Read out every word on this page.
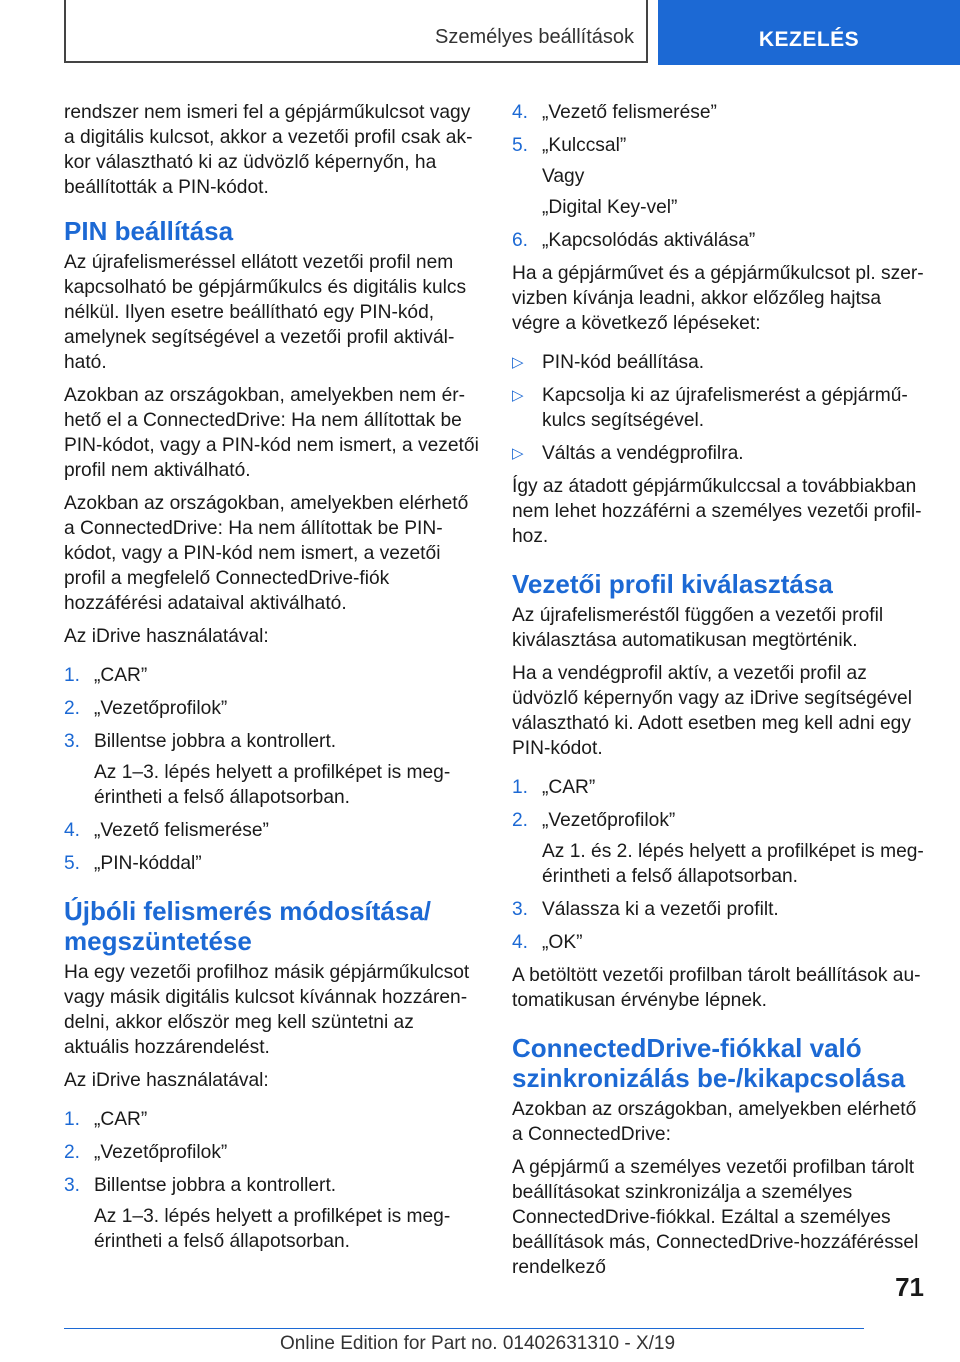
Személyes beállítások	KEZELÉS

rendszer nem ismeri fel a gépjárműkulcsot vagy a digitális kulcsot, akkor a vezetői profil csak akkor választható ki az üdvözlő képernyőn, ha beállították a PIN-kódot.

PIN beállítása

Az újrafelismeréssel ellátott vezetői profil nem kapcsolható be gépjárműkulcs és digitális kulcs nélkül. Ilyen esetre beállítható egy PIN-kód, amelynek segítségével a vezetői profil aktiválható.

Azokban az országokban, amelyekben nem érhető el a ConnectedDrive: Ha nem állítottak be PIN-kódot, vagy a PIN-kód nem ismert, a vezetői profil nem aktiválható.

Azokban az országokban, amelyekben elérhető a ConnectedDrive: Ha nem állítottak be PIN-kódot, vagy a PIN-kód nem ismert, a vezetői profil a megfelelő ConnectedDrive-fiók hozzáférési adataival aktiválható.

Az iDrive használatával:

1. „CAR”
2. „Vezetőprofilok”
3. Billentse jobbra a kontrollert.

Az 1–3. lépés helyett a profilképet is megérintheti a felső állapotsorban.

4. „Vezető felismerése”
5. „PIN-kóddal”
Újbóli felismerés módosítása/ megszüntetése

Ha egy vezetői profilhoz másik gépjárműkulcsot vagy másik digitális kulcsot kívánnak hozzárendelni, akkor először meg kell szüntetni az aktuális hozzárendelést.

Az iDrive használatával:

1. „CAR”
2. „Vezetőprofilok”
3. Billentse jobbra a kontrollert.

Az 1–3. lépés helyett a profilképet is megérintheti a felső állapotsorban.

4. „Vezető felismerése”
5. „Kulccsal”

Vagy

„Digital Key-vel”

6. „Kapcsolódás aktiválása”

Ha a gépjárművet és a gépjárműkulcsot pl. szervizben kívánja leadni, akkor előzőleg hajtsa végre a következő lépéseket:

▷ PIN-kód beállítása.
▷ Kapcsolja ki az újrafelismerést a gépjárműkulcs segítségével.
▷ Váltás a vendégprofilra.

Így az átadott gépjárműkulccsal a továbbiakban nem lehet hozzáférni a személyes vezetői profilhoz.

Vezetői profil kiválasztása

Az újrafelismeréstől függően a vezetői profil kiválasztása automatikusan megtörténik.

Ha a vendégprofil aktív, a vezetői profil az üdvözlő képernyőn vagy az iDrive segítségével választható ki. Adott esetben meg kell adni egy PIN-kódot.

1. „CAR”
2. „Vezetőprofilok”

Az 1. és 2. lépés helyett a profilképet is megérintheti a felső állapotsorban.

3. Válassza ki a vezetői profilt.
4. „OK”

A betöltött vezetői profilban tárolt beállítások automatikusan érvénybe lépnek.

ConnectedDrive-fiókkal való szinkronizálás be-/kikapcsolása

Azokban az országokban, amelyekben elérhető a ConnectedDrive:

A gépjármű a személyes vezetői profilban tárolt beállításokat szinkronizálja a személyes ConnectedDrive-fiókkal. Ezáltal a személyes beállítások más, ConnectedDrive-hozzáféréssel rendelkező

71
Online Edition for Part no. 01402631310 - X/19
